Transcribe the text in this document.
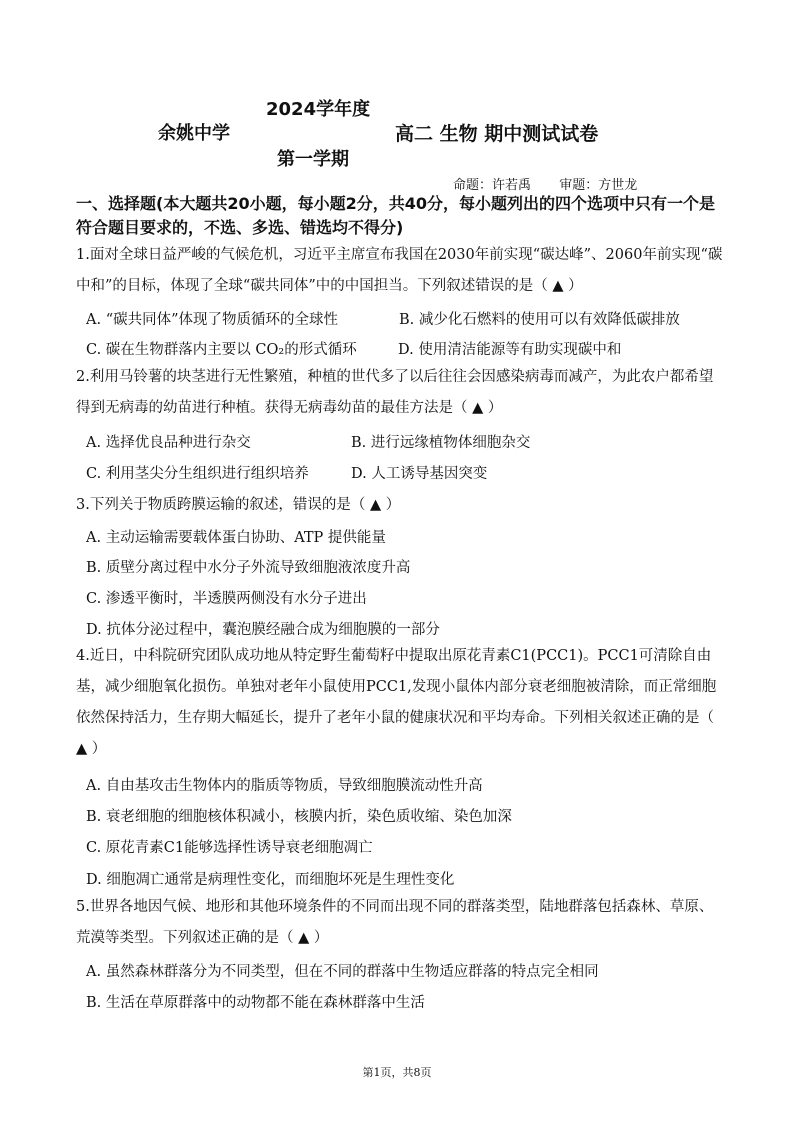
2024学年度
余姚中学
第一学期
高二 生物 期中测试试卷
命题：许若禹 审题：方世龙
一、选择题(本大题共20小题，每小题2分，共40分，每小题列出的四个选项中只有一个是符合题目要求的，不选、多选、错选均不得分)
1.面对全球日益严峻的气候危机，习近平主席宣布我国在2030年前实现“碳达峰”、2060年前实现“碳中和”的目标，体现了全球“碳共同体”中的中国担当。下列叙述错误的是（ ▲ ）
A. “碳共同体”体现了物质循环的全球性	B. 减少化石燃料的使用可以有效降低碳排放
C. 碳在生物群落内主要以 CO₂的形式循环	D. 使用清洁能源等有助实现碳中和
2.利用马铃薯的块茎进行无性繁殖，种植的世代多了以后往往会因感染病毒而减产，为此农户都希望得到无病毒的幼苗进行种植。获得无病毒幼苗的最佳方法是（ ▲ ）
A. 选择优良品种进行杂交	B. 进行远缘植物体细胞杂交
C. 利用茎尖分生组织进行组织培养	D. 人工诱导基因突变
3.下列关于物质跨膜运输的叙述，错误的是（ ▲ ）
A. 主动运输需要载体蛋白协助、ATP 提供能量
B. 质壁分离过程中水分子外流导致细胞液浓度升高
C. 渗透平衡时，半透膜两侧没有水分子进出
D. 抗体分泌过程中，囊泡膜经融合成为细胞膜的一部分
4.近日，中科院研究团队成功地从特定野生葡萄籽中提取出原花青素C1(PCC1)。PCC1可清除自由基，减少细胞氧化损伤。单独对老年小鼠使用PCC1,发现小鼠体内部分衰老细胞被清除，而正常细胞依然保持活力，生存期大幅延长，提升了老年小鼠的健康状况和平均寿命。下列相关叙述正确的是（ ▲ ）
A. 自由基攻击生物体内的脂质等物质，导致细胞膜流动性升高
B. 衰老细胞的细胞核体积减小，核膜内折，染色质收缩、染色加深
C. 原花青素C1能够选择性诱导衰老细胞凋亡
D. 细胞凋亡通常是病理性变化，而细胞坏死是生理性变化
5.世界各地因气候、地形和其他环境条件的不同而出现不同的群落类型，陆地群落包括森林、草原、荒漠等类型。下列叙述正确的是（ ▲ ）
A. 虽然森林群落分为不同类型，但在不同的群落中生物适应群落的特点完全相同
B. 生活在草原群落中的动物都不能在森林群落中生活
第1页，共8页
